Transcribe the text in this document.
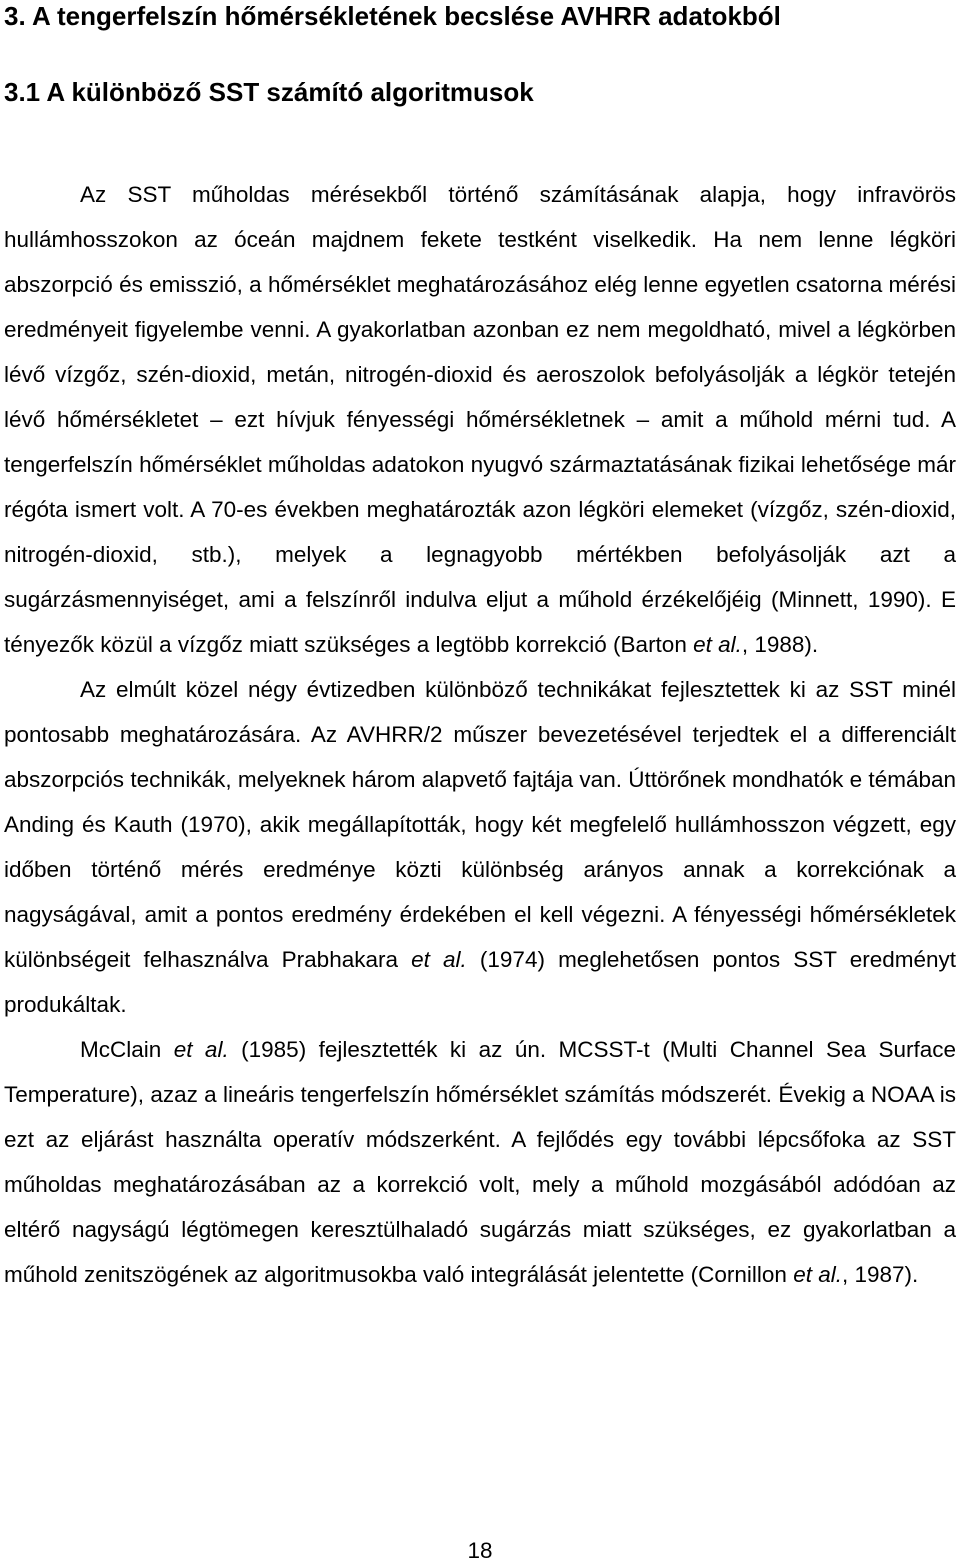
3. A tengerfelszín hőmérsékletének becslése AVHRR adatokból
3.1 A különböző SST számító algoritmusok

Az SST műholdas mérésekből történő számításának alapja, hogy infravörös hullámhosszokon az óceán majdnem fekete testként viselkedik. Ha nem lenne légköri abszorpció és emisszió, a hőmérséklet meghatározásához elég lenne egyetlen csatorna mérési eredményeit figyelembe venni. A gyakorlatban azonban ez nem megoldható, mivel a légkörben lévő vízgőz, szén-dioxid, metán, nitrogén-dioxid és aeroszolok befolyásolják a légkör tetején lévő hőmérsékletet – ezt hívjuk fényességi hőmérsékletnek – amit a műhold mérni tud. A tengerfelszín hőmérséklet műholdas adatokon nyugvó származtatásának fizikai lehetősége már régóta ismert volt. A 70-es években meghatározták azon légköri elemeket (vízgőz, szén-dioxid, nitrogén-dioxid, stb.), melyek a legnagyobb mértékben befolyásolják azt a sugárzásmennyiséget, ami a felszínről indulva eljut a műhold érzékelőjéig (Minnett, 1990). E tényezők közül a vízgőz miatt szükséges a legtöbb korrekció (Barton et al., 1988).

Az elmúlt közel négy évtizedben különböző technikákat fejlesztettek ki az SST minél pontosabb meghatározására. Az AVHRR/2 műszer bevezetésével terjedtek el a differenciált abszorpciós technikák, melyeknek három alapvető fajtája van. Úttörőnek mondhatók e témában Anding és Kauth (1970), akik megállapították, hogy két megfelelő hullámhosszon végzett, egy időben történő mérés eredménye közti különbség arányos annak a korrekciónak a nagyságával, amit a pontos eredmény érdekében el kell végezni. A fényességi hőmérsékletek különbségeit felhasználva Prabhakara et al. (1974) meglehetősen pontos SST eredményt produkáltak.

McClain et al. (1985) fejlesztették ki az ún. MCSST-t (Multi Channel Sea Surface Temperature), azaz a lineáris tengerfelszín hőmérséklet számítás módszerét. Évekig a NOAA is ezt az eljárást használta operatív módszerként. A fejlődés egy további lépcsőfoka az SST műholdas meghatározásában az a korrekció volt, mely a műhold mozgásából adódóan az eltérő nagyságú légtömegen keresztülhaladó sugárzás miatt szükséges, ez gyakorlatban a műhold zenitszögének az algoritmusokba való integrálását jelentette (Cornillon et al., 1987).

18
